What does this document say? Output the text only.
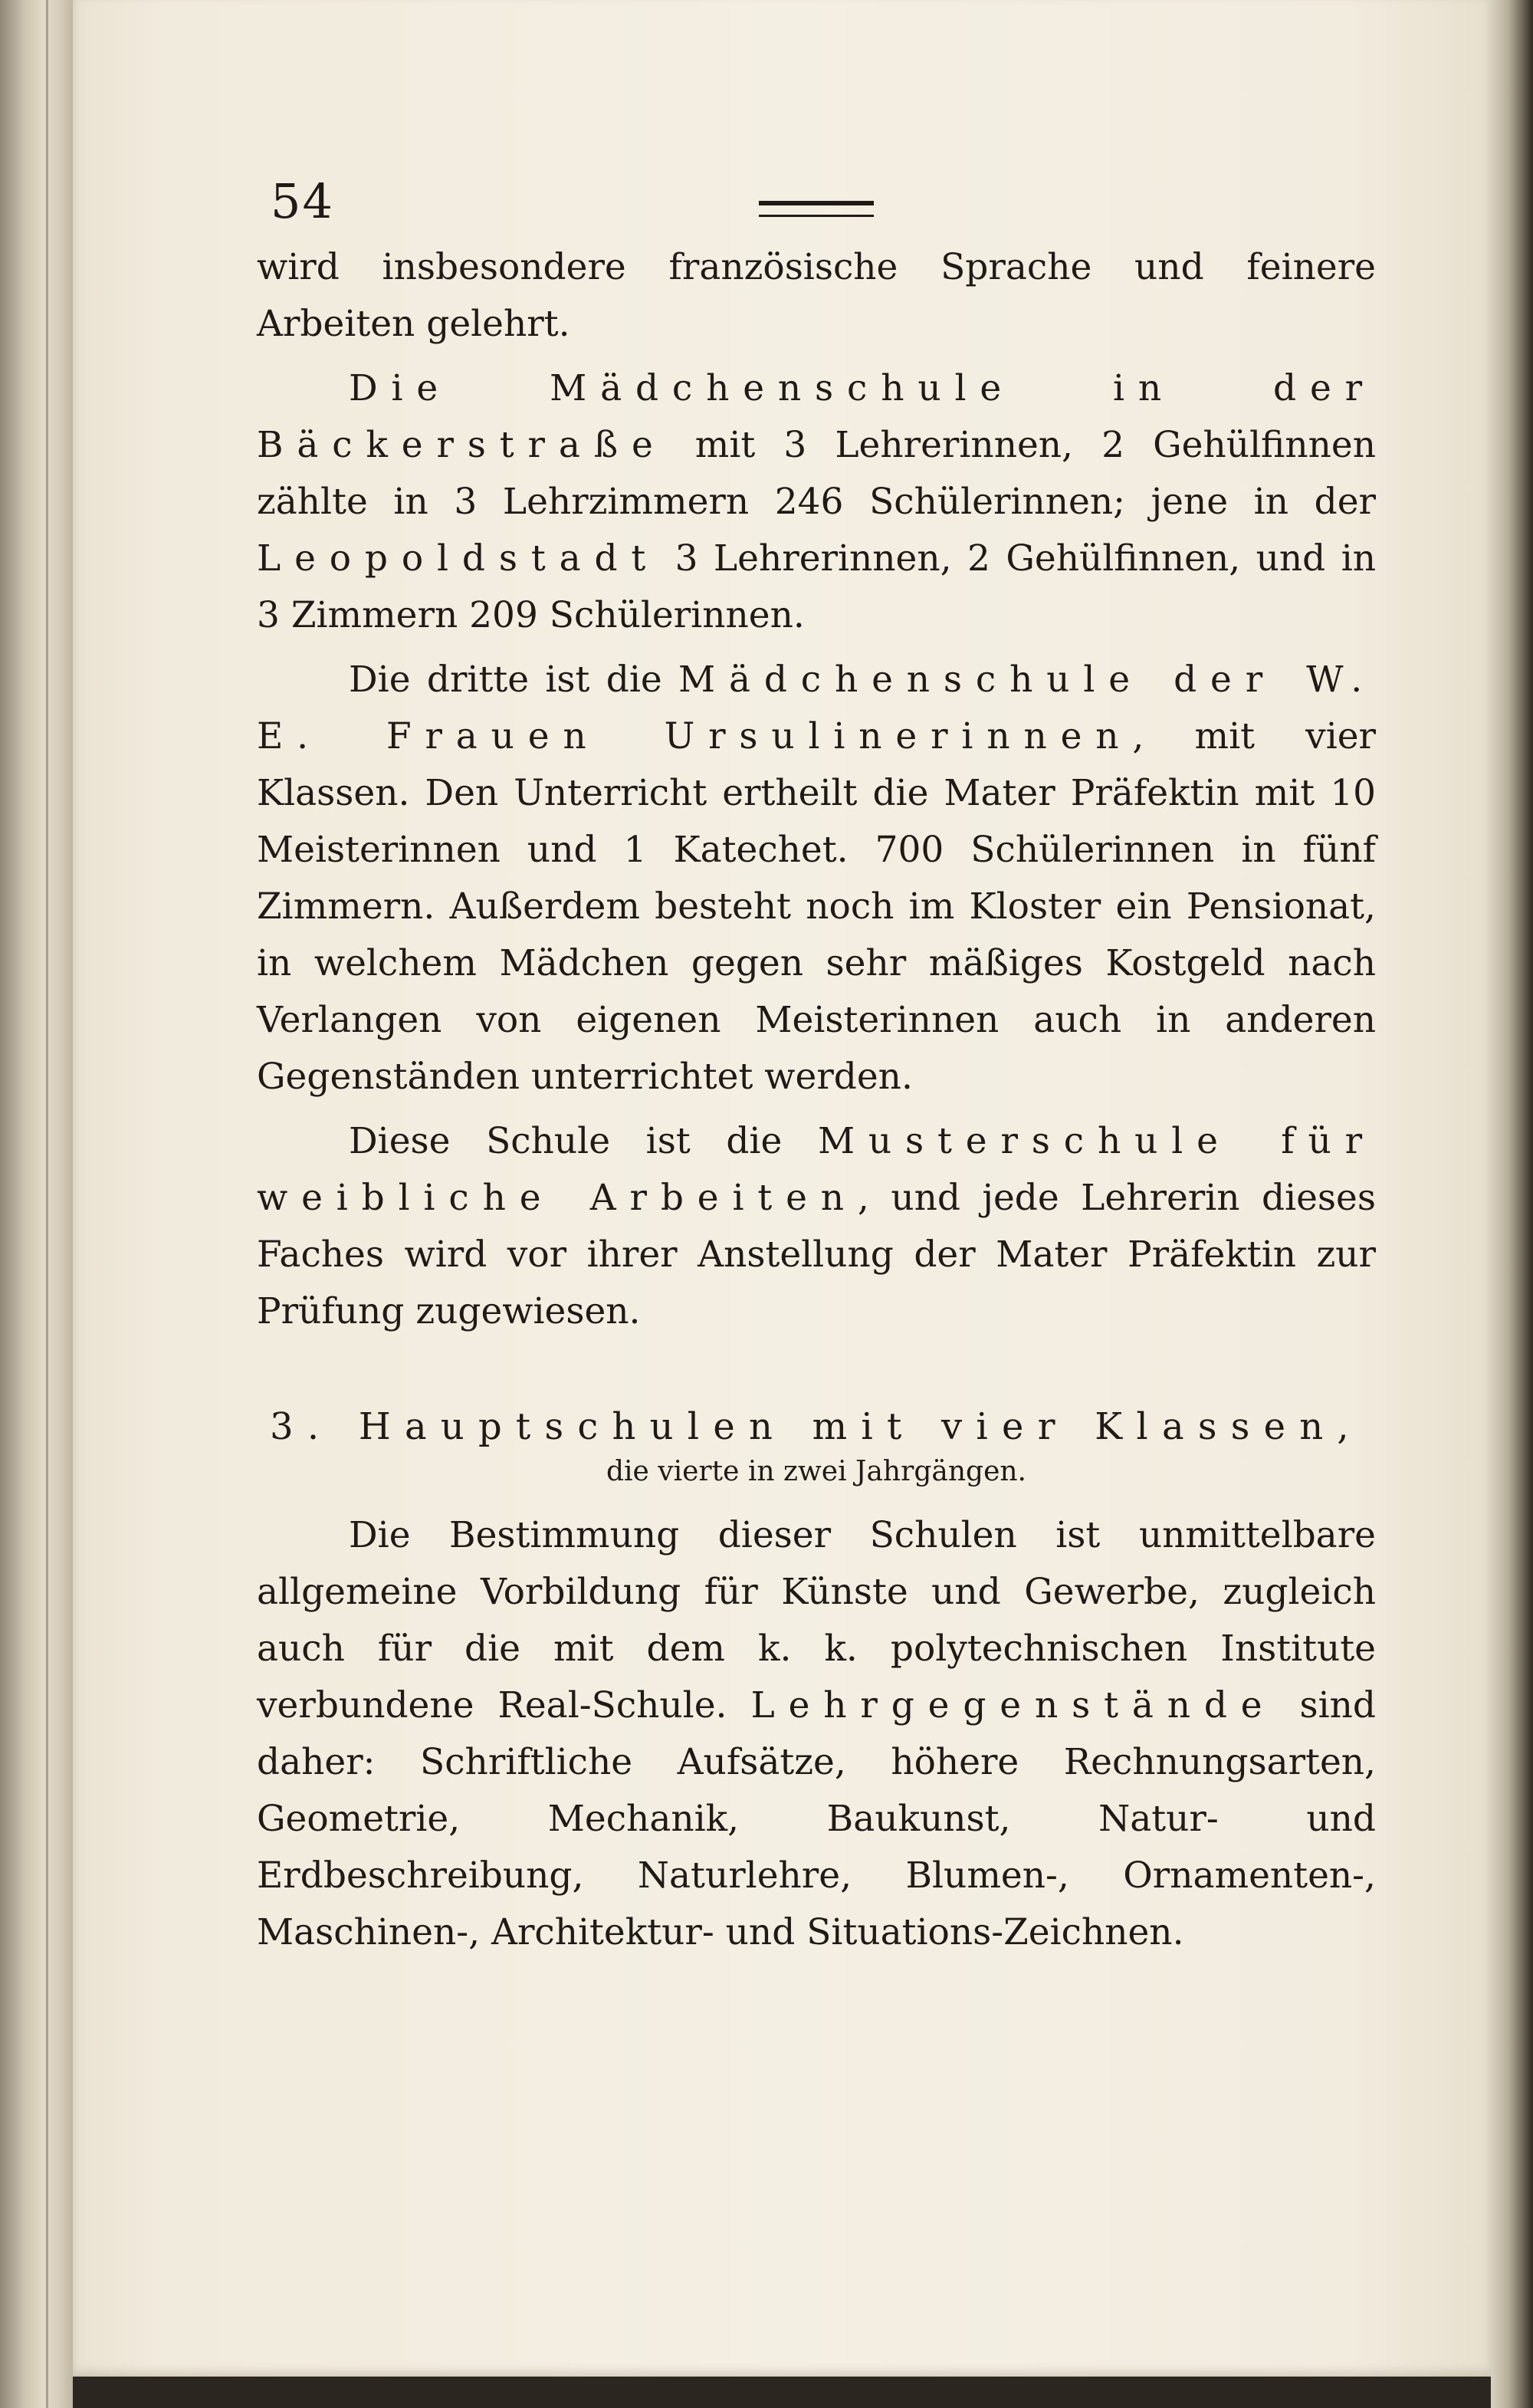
54

wird insbesondere französische Sprache und feinere Arbeiten gelehrt.

Die Mädchenschule in der Bäckerstraße mit 3 Lehrerinnen, 2 Gehülfinnen zählte in 3 Lehrzimmern 246 Schülerinnen; jene in der Leopoldstadt 3 Lehrerinnen, 2 Gehülfinnen, und in 3 Zimmern 209 Schülerinnen.

Die dritte ist die Mädchenschule der W. E. Frauen Ursulinerinnen, mit vier Klassen. Den Unterricht ertheilt die Mater Präfektin mit 10 Meisterinnen und 1 Katechet. 700 Schülerinnen in fünf Zimmern. Außerdem besteht noch im Kloster ein Pensionat, in welchem Mädchen gegen sehr mäßiges Kostgeld nach Verlangen von eigenen Meisterinnen auch in anderen Gegenständen unterrichtet werden.

Diese Schule ist die Musterschule für weibliche Arbeiten, und jede Lehrerin dieses Faches wird vor ihrer Anstellung der Mater Präfektin zur Prüfung zugewiesen.

3. Hauptschulen mit vier Klassen,
die vierte in zwei Jahrgängen.

Die Bestimmung dieser Schulen ist unmittelbare allgemeine Vorbildung für Künste und Gewerbe, zugleich auch für die mit dem k. k. polytechnischen Institute verbundene Real-Schule. Lehrgegenstände sind daher: Schriftliche Aufsätze, höhere Rechnungsarten, Geometrie, Mechanik, Baukunst, Natur- und Erdbeschreibung, Naturlehre, Blumen-, Ornamenten-, Maschinen-, Architektur- und Situations-Zeichnen.
